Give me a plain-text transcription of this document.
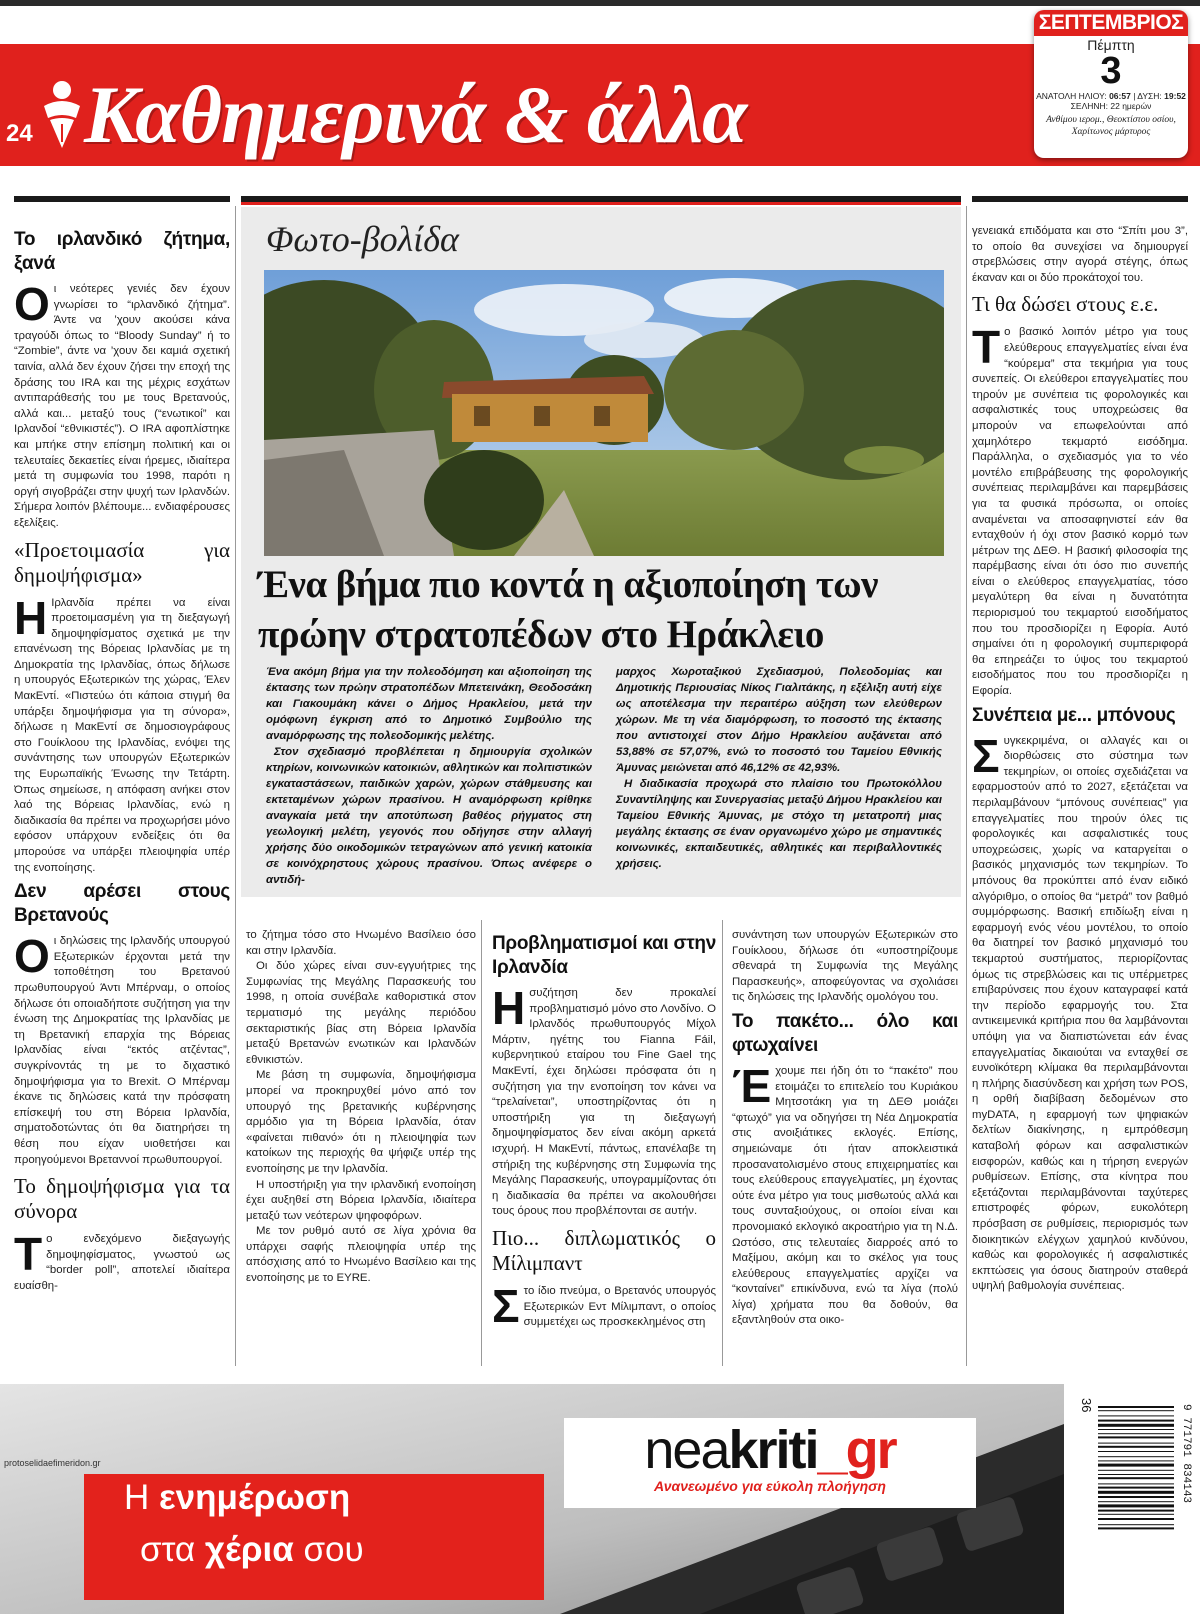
24 Καθημερινά & άλλα
ΣΕΠΤΕΜΒΡΙΟΣ
Πέμπτη
3
ΑΝΑΤΟΛΗ ΗΛΙΟΥ: 06:57 | ΔΥΣΗ: 19:52
ΣΕΛΗΝΗ: 22 ημερών
Ανθίμου ιερομ., Θεοκτίστου οσίου, Χαρίτωνος μάρτυρος
Το ιρλανδικό ζήτημα, ξανά

Οι νεότερες γενιές δεν έχουν γνωρίσει το “ιρλανδικό ζήτημα”. Άντε να ’χουν ακούσει κάνα τραγούδι όπως το “Bloody Sunday” ή το “Zombie”, άντε να ’χουν δει καμιά σχετική ταινία, αλλά δεν έχουν ζήσει την εποχή της δράσης του IRA και της μέχρις εσχάτων αντιπαράθεσής του με τους Βρετανούς, αλλά και... μεταξύ τους (“ενωτικοί” και Ιρλανδοί “εθνικιστές”). Ο IRA αφοπλίστηκε και μπήκε στην επίσημη πολιτική και οι τελευταίες δεκαετίες είναι ήρεμες, ιδιαίτερα μετά τη συμφωνία του 1998, παρότι η οργή σιγοβράζει στην ψυχή των Ιρλανδών. Σήμερα λοιπόν βλέπουμε... ενδιαφέρουσες εξελίξεις.

«Προετοιμασία για δημοψήφισμα»

Η Ιρλανδία πρέπει να είναι προετοιμασμένη για τη διεξαγωγή δημοψηφίσματος σχετικά με την επανένωση της Βόρειας Ιρλανδίας με τη Δημοκρατία της Ιρλανδίας, όπως δήλωσε η υπουργός Εξωτερικών της χώρας, Έλεν ΜακΕντί. «Πιστεύω ότι κάποια στιγμή θα υπάρξει δημοψήφισμα για τη σύνορα», δήλωσε η ΜακΕντί σε δημοσιογράφους στο Γουίκλοου της Ιρλανδίας, ενόψει της συνάντησης των υπουργών Εξωτερικών της Ευρωπαϊκής Ένωσης την Τετάρτη. Όπως σημείωσε, η απόφαση ανήκει στον λαό της Βόρειας Ιρλανδίας, ενώ η διαδικασία θα πρέπει να προχωρήσει μόνο εφόσον υπάρχουν ενδείξεις ότι θα μπορούσε να υπάρξει πλειοψηφία υπέρ της ενοποίησης.

Δεν αρέσει στους Βρετανούς

Οι δηλώσεις της Ιρλανδής υπουργού Εξωτερικών έρχονται μετά την τοποθέτηση του Βρετανού πρωθυπουργού Άντι Μπέρναμ, ο οποίος δήλωσε ότι οποιαδήποτε συζήτηση για την ένωση της Δημοκρατίας της Ιρλανδίας με τη Βρετανική επαρχία της Βόρειας Ιρλανδίας είναι “εκτός ατζέντας”, συγκρίνοντάς τη με το διχαστικό δημοψήφισμα για το Brexit. Ο Μπέρναμ έκανε τις δηλώσεις κατά την πρόσφατη επίσκεψή του στη Βόρεια Ιρλανδία, σηματοδοτώντας ότι θα διατηρήσει τη θέση που είχαν υιοθετήσει και προηγούμενοι Βρεταννοί πρωθυπουργοί.

Το δημοψήφισμα για τα σύνορα

Το ενδεχόμενο διεξαγωγής δημοψηφίσματος, γνωστού ως “border poll”, αποτελεί ιδιαίτερα ευαίσθη-

Φωτο-βολίδα
Ένα βήμα πιο κοντά η αξιοποίηση των πρώην στρατοπέδων στο Ηράκλειο

Ένα ακόμη βήμα για την πολεοδόμηση και αξιοποίηση της έκτασης των πρώην στρατοπέδων Μπετεινάκη, Θεοδοσάκη και Γιακουμάκη κάνει ο Δήμος Ηρακλείου, μετά την ομόφωνη έγκριση από το Δημοτικό Συμβούλιο της αναμόρφωσης της πολεοδομικής μελέτης.

Στον σχεδιασμό προβλέπεται η δημιουργία σχολικών κτηρίων, κοινωνικών κατοικιών, αθλητικών και πολιτιστικών εγκαταστάσεων, παιδικών χαρών, χώρων στάθμευσης και εκτεταμένων χώρων πρασίνου. Η αναμόρφωση κρίθηκε αναγκαία μετά την αποτύπωση βαθέος ρήγματος στη γεωλογική μελέτη, γεγονός που οδήγησε στην αλλαγή χρήσης δύο οικοδομικών τετραγώνων από γενική κατοικία σε κοινόχρηστους χώρους πρασίνου. Όπως ανέφερε ο αντιδή-

μαρχος Χωροταξικού Σχεδιασμού, Πολεοδομίας και Δημοτικής Περιουσίας Νίκος Γιαλιτάκης, η εξέλιξη αυτή είχε ως αποτέλεσμα την περαιτέρω αύξηση των ελεύθερων χώρων. Με τη νέα διαμόρφωση, το ποσοστό της έκτασης που αντιστοιχεί στον Δήμο Ηρακλείου αυξάνεται από 53,88% σε 57,07%, ενώ το ποσοστό του Ταμείου Εθνικής Άμυνας μειώνεται από 46,12% σε 42,93%.

Η διαδικασία προχωρά στο πλαίσιο του Πρωτοκόλλου Συναντίληψης και Συνεργασίας μεταξύ Δήμου Ηρακλείου και Ταμείου Εθνικής Άμυνας, με στόχο τη μετατροπή μιας μεγάλης έκτασης σε έναν οργανωμένο χώρο με σημαντικές κοινωνικές, εκπαιδευτικές, αθλητικές και περιβαλλοντικές χρήσεις.

το ζήτημα τόσο στο Ηνωμένο Βασίλειο όσο και στην Ιρλανδία.

Οι δύο χώρες είναι συν-εγγυήτριες της Συμφωνίας της Μεγάλης Παρασκευής του 1998, η οποία συνέβαλε καθοριστικά στον τερματισμό της μεγάλης περιόδου σεκταριστικής βίας στη Βόρεια Ιρλανδία μεταξύ Βρετανών ενωτικών και Ιρλανδών εθνικιστών.

Με βάση τη συμφωνία, δημοψήφισμα μπορεί να προκηρυχθεί μόνο από τον υπουργό της βρετανικής κυβέρνησης αρμόδιο για τη Βόρεια Ιρλανδία, όταν «φαίνεται πιθανό» ότι η πλειοψηφία των κατοίκων της περιοχής θα ψήφιζε υπέρ της ενοποίησης με την Ιρλανδία.

Η υποστήριξη για την ιρλανδική ενοποίηση έχει αυξηθεί στη Βόρεια Ιρλανδία, ιδιαίτερα μεταξύ των νεότερων ψηφοφόρων.

Με τον ρυθμό αυτό σε λίγα χρόνια θα υπάρχει σαφής πλειοψηφία υπέρ της απόσχισης από το Ηνωμένο Βασίλειο και της ενοποίησης με το EYRE.

Προβληματισμοί και στην Ιρλανδία

Ησυζήτηση δεν προκαλεί προβληματισμό μόνο στο Λονδίνο. Ο Ιρλανδός πρωθυπουργός Μίχολ Μάρτιν, ηγέτης του Fianna Fáil, κυβερνητικού εταίρου του Fine Gael της ΜακΕντί, έχει δηλώσει πρόσφατα ότι η συζήτηση για την ενοποίηση τον κάνει να “τρελαίνεται”, υποστηρίζοντας ότι η υποστήριξη για τη διεξαγωγή δημοψηφίσματος δεν είναι ακόμη αρκετά ισχυρή. Η ΜακΕντί, πάντως, επανέλαβε τη στήριξη της κυβέρνησης στη Συμφωνία της Μεγάλης Παρασκευής, υπογραμμίζοντας ότι η διαδικασία θα πρέπει να ακολουθήσει τους όρους που προβλέπονται σε αυτήν.

Πιο... διπλωματικός ο Μίλιμπαντ

Στο ίδιο πνεύμα, ο Βρετανός υπουργός Εξωτερικών Εντ Μίλιμπαντ, ο οποίος συμμετέχει ως προσκεκλημένος στη

συνάντηση των υπουργών Εξωτερικών στο Γουίκλοου, δήλωσε ότι «υποστηρίζουμε σθεναρά τη Συμφωνία της Μεγάλης Παρασκευής», αποφεύγοντας να σχολιάσει τις δηλώσεις της Ιρλανδής ομολόγου του.

Το πακέτο... όλο και φτωχαίνει

Έχουμε πει ήδη ότι το “πακέτο” που ετοιμάζει το επιτελείο του Κυριάκου Μητσοτάκη για τη ΔΕΘ μοιάζει “φτωχό” για να οδηγήσει τη Νέα Δημοκρατία στις ανοιξιάτικες εκλογές. Επίσης, σημειώναμε ότι ήταν αποκλειστικά προσανατολισμένο στους επιχειρηματίες και τους ελεύθερους επαγγελματίες, μη έχοντας ούτε ένα μέτρο για τους μισθωτούς αλλά και τους συνταξιούχους, οι οποίοι είναι και προνομιακό εκλογικό ακροατήριο για τη Ν.Δ. Ωστόσο, στις τελευταίες διαρροές από το Μαξίμου, ακόμη και το σκέλος για τους ελεύθερους επαγγελματίες αρχίζει να “κονταίνει” επικίνδυνα, ενώ τα λίγα (πολύ λίγα) χρήματα που θα δοθούν, θα εξαντληθούν στα οικο-

γενειακά επιδόματα και στο “Σπίτι μου 3”, το οποίο θα συνεχίσει να δημιουργεί στρεβλώσεις στην αγορά στέγης, όπως έκαναν και οι δύο προκάτοχοί του.

Τι θα δώσει στους ε.ε.

Το βασικό λοιπόν μέτρο για τους ελεύθερους επαγγελματίες είναι ένα “κούρεμα” στα τεκμήρια για τους συνεπείς. Οι ελεύθεροι επαγγελματίες που τηρούν με συνέπεια τις φορολογικές και ασφαλιστικές τους υποχρεώσεις θα μπορούν να επωφελούνται από χαμηλότερο τεκμαρτό εισόδημα. Παράλληλα, ο σχεδιασμός για το νέο μοντέλο επιβράβευσης της φορολογικής συνέπειας περιλαμβάνει και παρεμβάσεις για τα φυσικά πρόσωπα, οι οποίες αναμένεται να αποσαφηνιστεί εάν θα ενταχθούν ή όχι στον βασικό κορμό των μέτρων της ΔΕΘ. Η βασική φιλοσοφία της παρέμβασης είναι ότι όσο πιο συνεπής είναι ο ελεύθερος επαγγελματίας, τόσο μεγαλύτερη θα είναι η δυνατότητα περιορισμού του τεκμαρτού εισοδήματος που του προσδιορίζει η Εφορία. Αυτό σημαίνει ότι η φορολογική συμπεριφορά θα επηρεάζει το ύψος του τεκμαρτού εισοδήματος που του προσδιορίζει η Εφορία.

Συνέπεια με... μπόνους

Συγκεκριμένα, οι αλλαγές και οι διορθώσεις στο σύστημα των τεκμηρίων, οι οποίες σχεδιάζεται να εφαρμοστούν από το 2027, εξετάζεται να περιλαμβάνουν “μπόνους συνέπειας” για επαγγελματίες που τηρούν όλες τις φορολογικές και ασφαλιστικές τους υποχρεώσεις, χωρίς να καταργείται ο βασικός μηχανισμός των τεκμηρίων. Το μπόνους θα προκύπτει από έναν ειδικό αλγόριθμο, ο οποίος θα “μετρά” τον βαθμό συμμόρφωσης. Βασική επιδίωξη είναι η εφαρμογή ενός νέου μοντέλου, το οποίο θα διατηρεί τον βασικό μηχανισμό του τεκμαρτού συστήματος, περιορίζοντας όμως τις στρεβλώσεις και τις υπέρμετρες επιβαρύνσεις που έχουν καταγραφεί κατά την περίοδο εφαρμογής του. Στα αντικειμενικά κριτήρια που θα λαμβάνονται υπόψη για να διαπιστώνεται εάν ένας επαγγελματίας δικαιούται να ενταχθεί σε ευνοϊκότερη κλίμακα θα περιλαμβάνονται η πλήρης διασύνδεση και χρήση των POS, η ορθή διαβίβαση δεδομένων στο myDATA, η εφαρμογή των ψηφιακών δελτίων διακίνησης, η εμπρόθεσμη καταβολή φόρων και ασφαλιστικών εισφορών, καθώς και η τήρηση ενεργών ρυθμίσεων. Επίσης, στα κίνητρα που εξετάζονται περιλαμβάνονται ταχύτερες επιστροφές φόρων, ευκολότερη πρόσβαση σε ρυθμίσεις, περιορισμός των διοικητικών ελέγχων χαμηλού κινδύνου, καθώς και φορολογικές ή ασφαλιστικές εκπτώσεις για όσους διατηρούν σταθερά υψηλή βαθμολογία συνέπειας.

protoselidaefimeridon.gr
Η ενημέρωση
στα χέρια σου
neakriti_gr
Ανανεωμένο για εύκολη πλοήγηση
36	9 771791 834143
